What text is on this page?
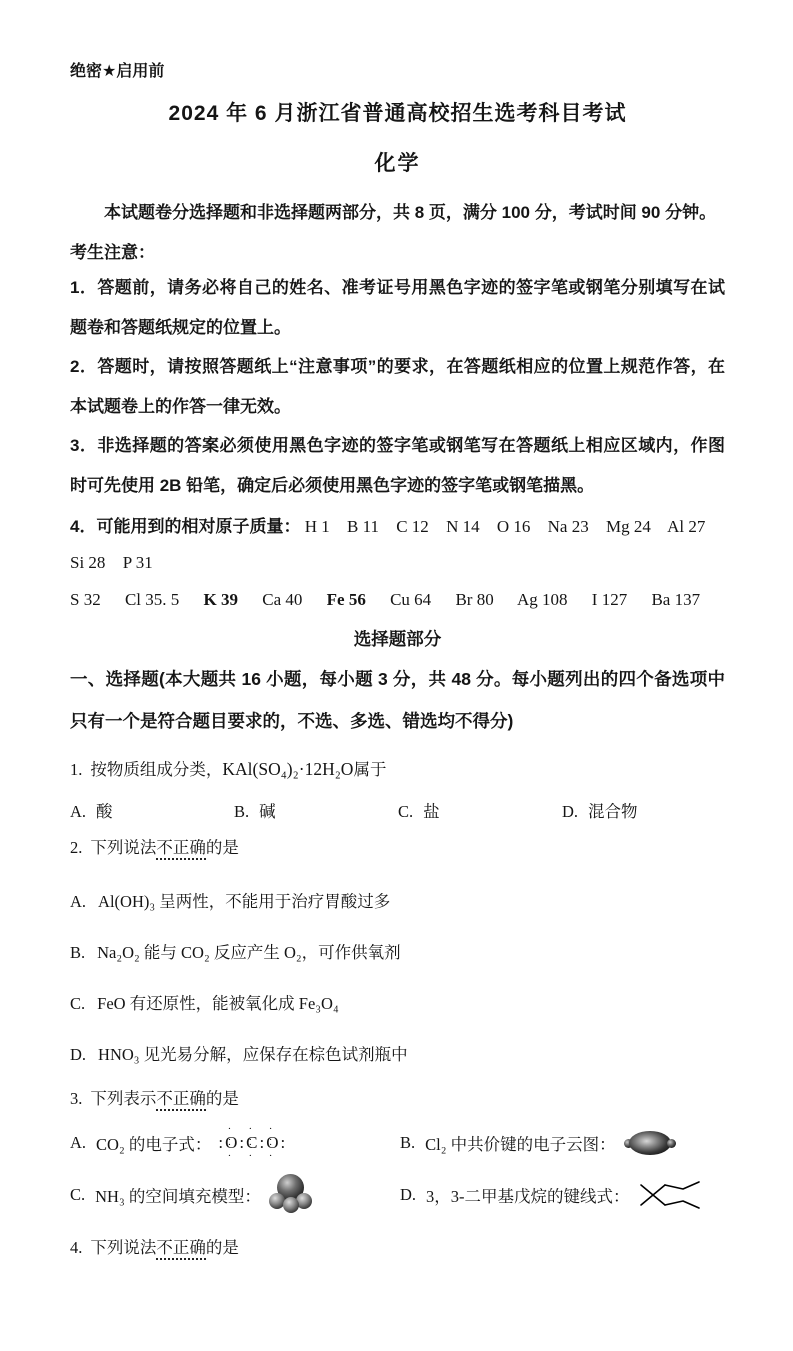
绝密★启用前
2024 年 6 月浙江省普通高校招生选考科目考试
化学
本试题卷分选择题和非选择题两部分，共 8 页，满分 100 分，考试时间 90 分钟。
考生注意：

1．答题前，请务必将自己的姓名、准考证号用黑色字迹的签字笔或钢笔分别填写在试题卷和答题纸规定的位置上。

2．答题时，请按照答题纸上“注意事项”的要求，在答题纸相应的位置上规范作答，在本试题卷上的作答一律无效。

3．非选择题的答案必须使用黑色字迹的签字笔或钢笔写在答题纸上相应区域内，作图时可先使用 2B 铅笔，确定后必须使用黑色字迹的签字笔或钢笔描黑。

4．可能用到的相对原子质量： H 1 B 11 C 12 N 14 O 16 Na 23 Mg 24 Al 27 Si 28 P 31
S 32 Cl 35. 5 K 39 Ca 40 Fe 56 Cu 64 Br 80 Ag 108 I 127 Ba 137
选择题部分
一、选择题(本大题共 16 小题，每小题 3 分，共 48 分。每小题列出的四个备选项中只有一个是符合题目要求的，不选、多选、错选均不得分)
1. 按物质组成分类，KAl(SO₄)₂·12H₂O属于
A. 酸	B. 碱	C. 盐	D. 混合物
2. 下列说法不正确的是
A. Al(OH)₃ 呈两性，不能用于治疗胃酸过多
B. Na₂O₂ 能与 CO₂ 反应产生 O₂，可作供氧剂
C. FeO 有还原性，能被氧化成 Fe₃O₄
D. HNO₃ 见光易分解，应保存在棕色试剂瓶中
3. 下列表示不正确的是
A. CO₂ 的电子式： : · · O · · : · · C · · : · · O · · :	B. Cl₂ 中共价键的电子云图：
C. NH₃ 的空间填充模型：	D. 3，3-二甲基戊烷的键线式：
4. 下列说法不正确的是
